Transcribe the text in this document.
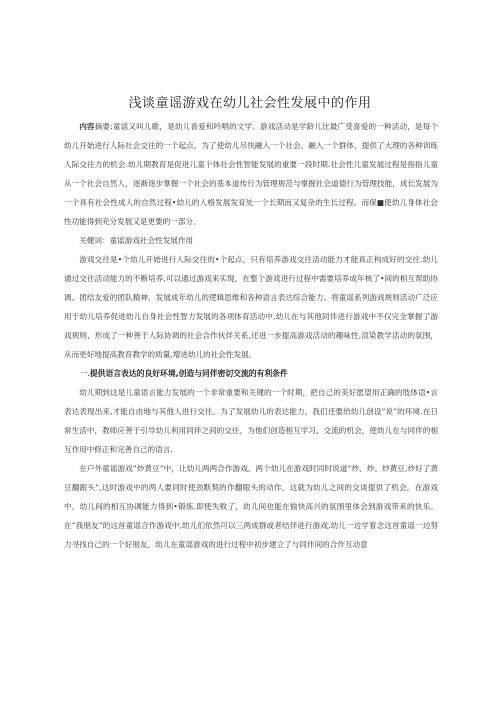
浅谈童谣游戏在幼儿社会性发展中的作用

内容摘要:童谣又叫儿歌，是幼儿喜爱和吟唱的文学。游戏活动是学龄儿比最广受喜爱的一种活动，是每个幼儿开始进行人际社会交往的一个起点，为了使幼儿尽快融入一个社会、融入一个群体，提供了大理的各种训练人际交往力的机会.幼儿期教育是促进儿童个体社会性智能发展的重要一段时期.社会性儿童发展过程是指指儿童从一个社会自然人，逐渐逐步掌握一个社会的基本道传行为管理规范与掌握社会道德行为管理技能，成长发展为一个具有社会性成人的自然过程•幼儿的人格发展发育处一个长期而又复杂的生长过程，而保■使幼儿身体社会性功能得到充分发展又是更要的一部分。

关健词：童谣游戏社会性发展作用

游戏交往是•个幼儿开始进行人际交往的•个起点，只有培养游戏交往活动能力才能真正构成好的交往.幼儿通过交往活动能力的不断培养,可以通过游戏来实现，在整个游戏进行过程中需要培养成年核了•间的相互帮助协调、团结友爱的团队精神，发展成年幼儿的逻辑思维和各种语言表达综合能力。将童谣系列游戏规则活动广泛应用于幼儿培养促进幼儿自身社会性智力发展的各项体育活动中,幼儿在与其他同伴进行游戏中不仅完全掌握了游戏规则，形成了一种善于人际协调的社会合作伙伴关系,还进一步提高游戏活动的趣味性,渲染教学活动的氛围，从而更好地提高教育教学的质量,增进幼儿的社会性发展。

一.提供语言表达的良好环境,创造与同伴密切交流的有利条件

幼儿期到这是儿童语言能力发展的一个非常重要和关键的一个时期，把自己的美好愿望用正确的肢体语•言表达表现出来,才能自由地与其他人进行交往。为了发展幼儿的表达能力，我们还要给幼儿创设”说”的环境.在日常生活中，教师应善于引导幼儿利用同伴之间的交往，为他们创造相互学习、交流的机会，使幼儿在与同伴的相互作用中修正和完善自己的语言.

在户外童谣游戏”炒黄豆”中，让幼儿两两合作游戏。两个幼儿在游戏时同时说道”炒、炒、炒黄豆,炒好了黄豆翻跟头”,这时游戏中的两人要同时使劲默契的作翻眼头的动作，这就为幼儿之间的交谈提供了机会。在游戏中，幼儿间的相互协调能力得到•锻炼.即使失败了，幼儿间也能在愉快高兴的氛围里体会到游戏带来的快乐。在”我朋友”的这首童谣合作游戏中,幼儿们依然可以三两成群或者结伴进行游戏,幼儿一边学着念这首童谣一边努力寻找自己的一个好朋友，幼儿在童谣游戏的进行过程中初步建立了与同伴间的合作互动意
